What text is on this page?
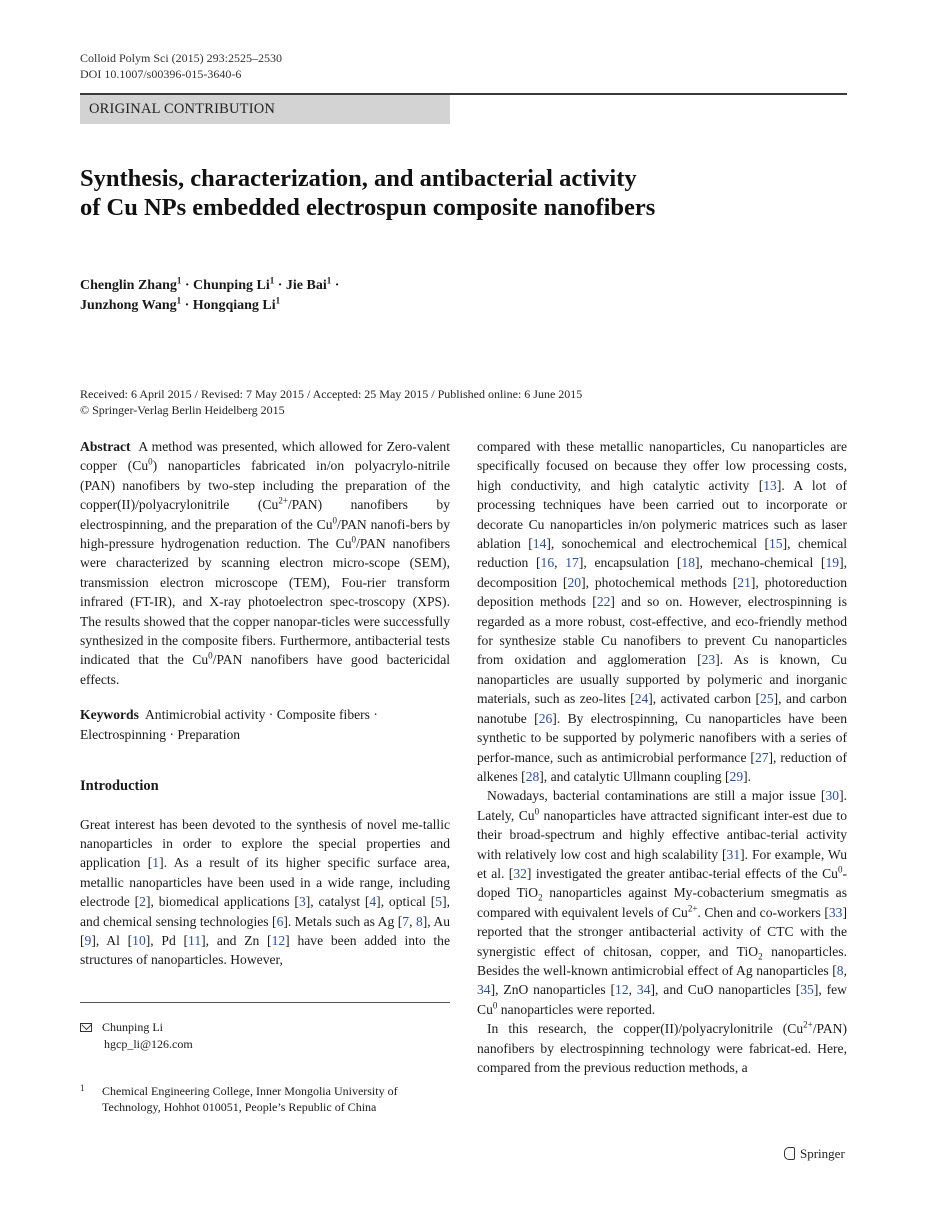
Colloid Polym Sci (2015) 293:2525–2530
DOI 10.1007/s00396-015-3640-6
ORIGINAL CONTRIBUTION
Synthesis, characterization, and antibacterial activity
of Cu NPs embedded electrospun composite nanofibers
Chenglin Zhang$^1$ · Chunping $Li^1$ · Jie Bai$^1$ ·
Junzhong Wang$^1$ · Hongqiang Li$^1$
Received: 6 April 2015 / Revised: 7 May 2015 / Accepted: 25 May 2015 / Published online: 6 June 2015
© Springer-Verlag Berlin Heidelberg 2015

Abstract  A method was presented, which allowed for Zero-valent copper (Cu$^0$) nanoparticles fabricated in/on polyacrylo-nitrile (PAN) nanofibers by two-step including the preparation of the copper(II)/polyacrylonitrile $(Cu^{2+}/PAN)$ nanofibers by electrospinning, and the preparation of the Cu$^0$/PAN nanofi-bers by high-pressure hydrogenation reduction. The Cu$^0$/PAN nanofibers were characterized by scanning electron micro-scope (SEM), transmission electron microscope (TEM), Fou-rier transform infrared (FT-IR), and X-ray photoelectron spec-troscopy (XPS). The results showed that the copper nanopar-ticles were successfully synthesized in the composite fibers. Furthermore, antibacterial tests indicated that the Cu$^0$/PAN nanofibers have good bactericidal effects.

Keywords Antimicrobial activity · Composite fibers · Electrospinning · Preparation

Introduction

Great interest has been devoted to the synthesis of novel me-tallic nanoparticles in order to explore the special properties and application [1]. As a result of its higher specific surface area, metallic nanoparticles have been used in a wide range, including electrode [2], biomedical applications [3], catalyst [4], optical [5], and chemical sensing technologies [6]. Metals such as Ag [7, 8], Au [9], Al [10], Pd [11], and Zn [12] have been added into the structures of nanoparticles. However,

Chunping Li
hgcp_li@126.com
1	Chemical Engineering College, Inner Mongolia University of Technology, Hohhot 010051, People’s Republic of China

compared with these metallic nanoparticles, Cu nanoparticles are specifically focused on because they offer low processing costs, high conductivity, and high catalytic activity [13]. A lot of processing techniques have been carried out to incorporate or decorate Cu nanoparticles in/on polymeric matrices such as laser ablation [14], sonochemical and electrochemical [15], chemical reduction [16, 17], encapsulation [18], mechano-chemical [19], decomposition [20], photochemical methods [21], photoreduction deposition methods [22] and so on. However, electrospinning is regarded as a more robust, cost-effective, and eco-friendly method for synthesize stable Cu nanofibers to prevent Cu nanoparticles from oxidation and agglomeration [23]. As is known, Cu nanoparticles are usually supported by polymeric and inorganic materials, such as zeo-lites [24], activated carbon [25], and carbon nanotube [26]. By electrospinning, Cu nanoparticles have been synthetic to be supported by polymeric nanofibers with a series of perfor-mance, such as antimicrobial performance [27], reduction of alkenes [28], and catalytic Ullmann coupling [29].

Nowadays, bacterial contaminations are still a major issue [30]. Lately, Cu$^0$ nanoparticles have attracted significant inter-est due to their broad-spectrum and highly effective antibac-terial activity with relatively low cost and high scalability [31]. For example, Wu et al. [32] investigated the greater antibac-terial effects of the Cu$^0$-doped TiO$_2$ nanoparticles against My-cobacterium smegmatis as compared with equivalent levels of $Cu^{2+}$. Chen and co-workers [33] reported that the stronger antibacterial activity of CTC with the synergistic effect of chitosan, copper, and TiO$_2$ nanoparticles. Besides the well-known antimicrobial effect of Ag nanoparticles [8, 34], ZnO nanoparticles [12, 34], and CuO nanoparticles [35], few Cu$^0$ nanoparticles were reported.

In this research, the copper(II)/polyacrylonitrile $(Cu^{2+}/PAN)$ nanofibers by electrospinning technology were fabricat-ed. Here, compared from the previous reduction methods, a

Springer
